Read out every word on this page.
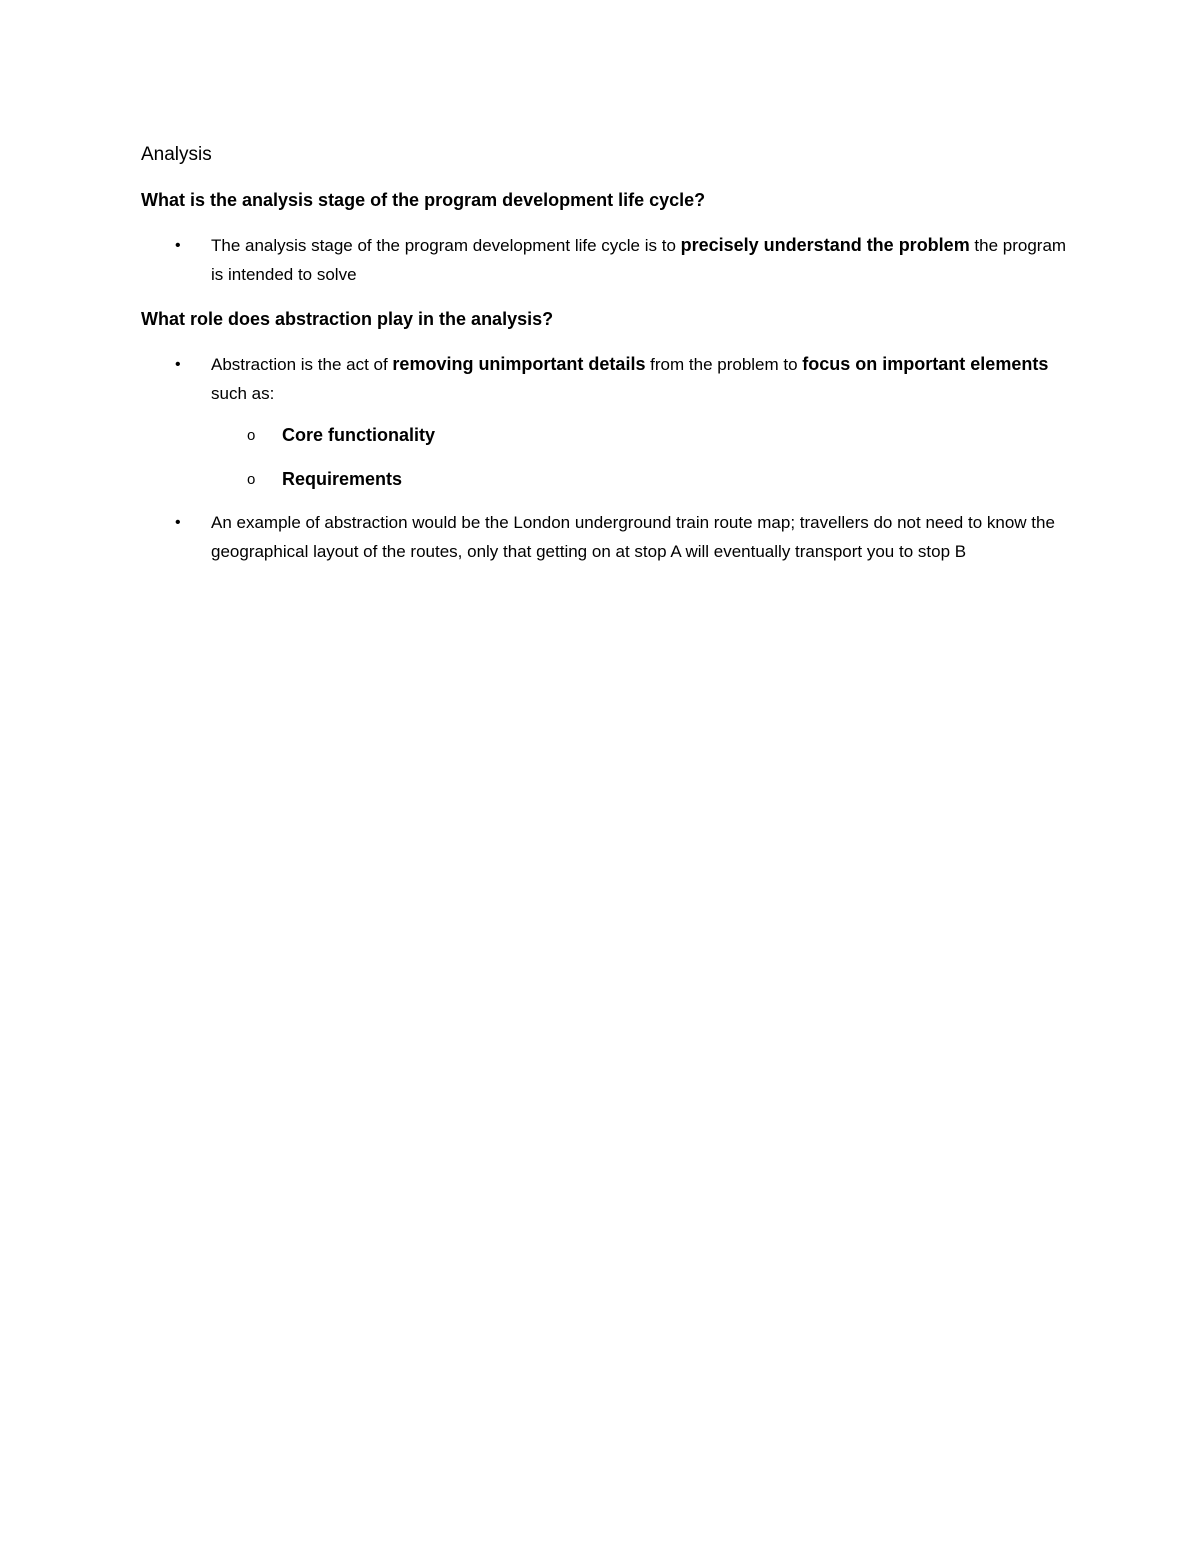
Analysis
What is the analysis stage of the program development life cycle?
• The analysis stage of the program development life cycle is to precisely understand the problem the program is intended to solve
What role does abstraction play in the analysis?
• Abstraction is the act of removing unimportant details from the problem to focus on important elements such as:
o Core functionality
o Requirements
• An example of abstraction would be the London underground train route map; travellers do not need to know the geographical layout of the routes, only that getting on at stop A will eventually transport you to stop B
